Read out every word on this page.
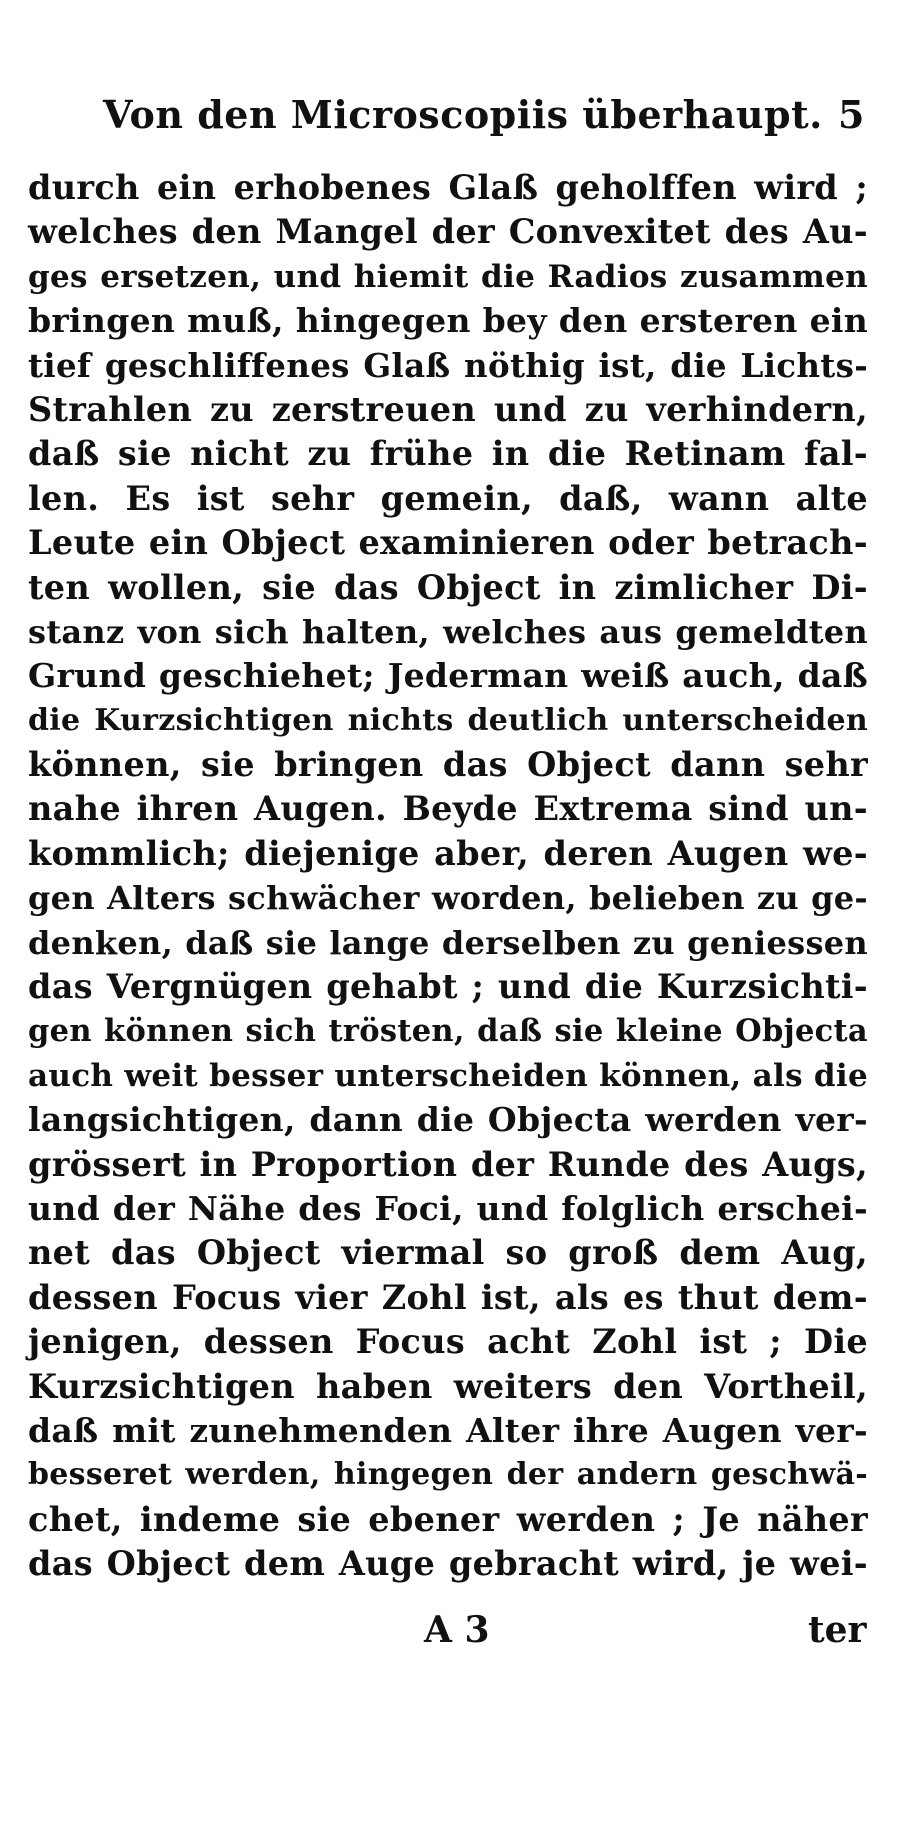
Von den Microscopiis überhaupt. 5
durch ein erhobenes Glaß geholffen wird ;
welches den Mangel der Convexitet des Au-
ges ersetzen, und hiemit die Radios zusammen
bringen muß, hingegen bey den ersteren ein
tief geschliffenes Glaß nöthig ist, die Lichts-
Strahlen zu zerstreuen und zu verhindern,
daß sie nicht zu frühe in die Retinam fal-
len. Es ist sehr gemein, daß, wann alte
Leute ein Object examinieren oder betrach-
ten wollen, sie das Object in zimlicher Di-
stanz von sich halten, welches aus gemeldten
Grund geschiehet; Jederman weiß auch, daß
die Kurzsichtigen nichts deutlich unterscheiden
können, sie bringen das Object dann sehr
nahe ihren Augen. Beyde Extrema sind un-
kommlich; diejenige aber, deren Augen we-
gen Alters schwächer worden, belieben zu ge-
denken, daß sie lange derselben zu geniessen
das Vergnügen gehabt ; und die Kurzsichti-
gen können sich trösten, daß sie kleine Objecta
auch weit besser unterscheiden können, als die
langsichtigen, dann die Objecta werden ver-
grössert in Proportion der Runde des Augs,
und der Nähe des Foci, und folglich erschei-
net das Object viermal so groß dem Aug,
dessen Focus vier Zohl ist, als es thut dem-
jenigen, dessen Focus acht Zohl ist ; Die
Kurzsichtigen haben weiters den Vortheil,
daß mit zunehmenden Alter ihre Augen ver-
besseret werden, hingegen der andern geschwä-
chet, indeme sie ebener werden ; Je näher
das Object dem Auge gebracht wird, je wei-
A 3	ter
